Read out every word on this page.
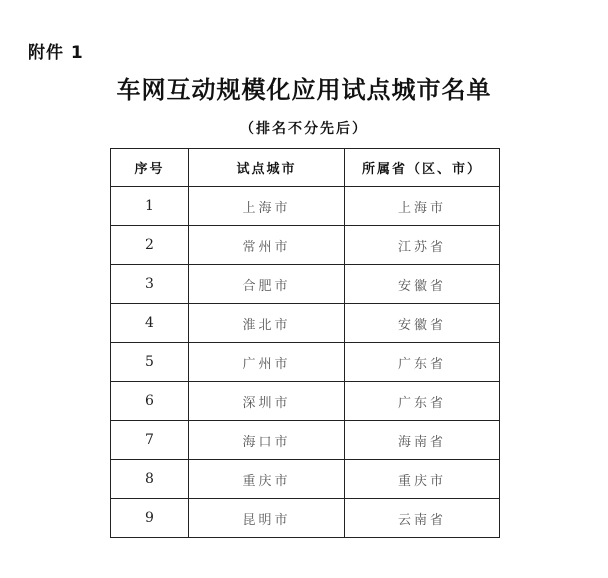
附件 1
车网互动规模化应用试点城市名单
（排名不分先后）
序号	试点城市	所属省（区、市）
1	上海市	上海市
2	常州市	江苏省
3	合肥市	安徽省
4	淮北市	安徽省
5	广州市	广东省
6	深圳市	广东省
7	海口市	海南省
8	重庆市	重庆市
9	昆明市	云南省
